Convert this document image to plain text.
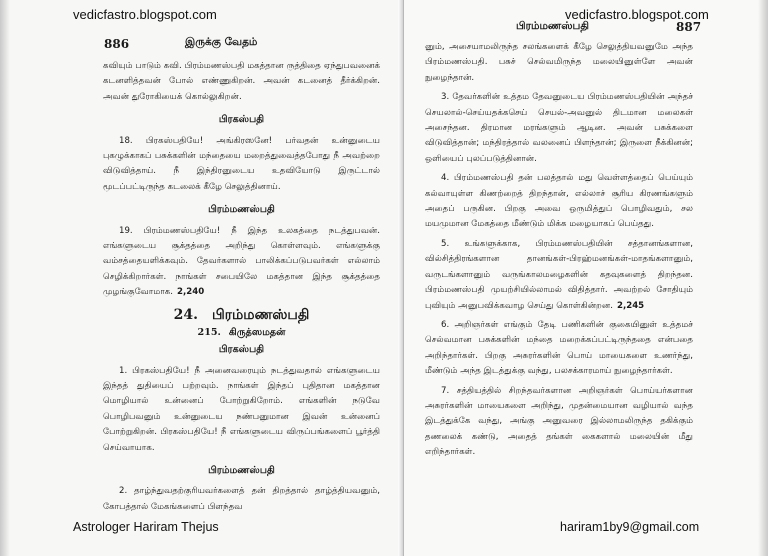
vedicfastro.blogspot.com
886	இருக்கு வேதம்

கவியும் பாடும் கவி. பிரம்மணஸ்பதி மகத்தான ருத்திதை ஏந்துபவனைக் கடனளித்தவன் போல் எண்ணுகிறன். அவன் கடனைத் தீர்க்கிறன். அவன் துரோகியைக் கொல்லுகிறன்.

பிரகஸ்பதி

18. பிரகஸ்பதியே! அங்கிரஸனே! பர்வதன் உன்னுடைய புகழுக்காகப் பசுக்களின் மந்தையை மறைத்துவைத்தபோது நீ அவற்றை விடுவித்தாய். நீ இந்திரனுடைய உதவியோடு இருட்டால் மூடப்பட்டிருந்த கடலைக் கீழே செலுத்தினாய்.

பிரம்மணஸ்பதி

19. பிரம்மணஸ்பதியே! நீ இந்த உலகத்தை நடத்துபவன். எங்களுடைய சூக்தத்தை அறிந்து கொள்ளவும். எங்களுக்கு வம்சத்தையளிக்கவும். தேவர்களால் பாலிக்கப்படுபவர்கள் எல்லாம் செழிக்கிறார்கள். நாங்கள் சபையிலே மகத்தான இந்த சூக்தத்தை முழங்குவோமாக. 2,240

24. பிரம்மணஸ்பதி

215. கிருத்ஸமதன்

பிரகஸ்பதி

1. பிரகஸ்பதியே! நீ அனைவரையும் நடத்துவதால் எங்களுடைய இந்தத் துதியைப் பற்றவும். நாங்கள் இந்தப் புதிதான மகத்தான மொழியால் உன்னைப் போற்றுகிறோம். எங்களின் நடுவே பொழிபவனும் உன்னுடைய நண்பனுமான இவன் உன்னைப் போற்றுகிறன். பிரகஸ்பதியே! நீ எங்களுடைய விருப்பங்களைப் பூர்த்தி செய்வாயாக.

பிரம்மணஸ்பதி

2. தாழ்ந்துவதற்குரியவர்களைத் தன் திறத்தால் தாழ்த்தியவனும், கோபத்தால் மேகங்களைப் பிளந்தவ

Astrologer Hariram Thejus
vedicfastro.blogspot.com
பிரம்மணஸ்பதி	887

னும், அசையாமலிருந்த சலங்களைக் கீழே செலுத்தியவனுமே அந்த பிரம்மணஸ்பதி. பசுச் செல்வமிருந்த மலையினுள்ளே அவன் நுழைந்தான்.

3. தேவர்களின் உத்தம தேவனுடைய பிரம்மணஸ்பதியின் அந்தச் செயலால்-செய்யதக்கசெய் செயல்-அவனுல் திடமான மலைகள் அசைந்தன. திரமான மரங்களும் ஆடின. அவன் பசுக்களை விடுவித்தான்; மந்திரத்தால் வலனைப் பிளந்தான்; இருளை நீக்கினன்; ஒளியைப் புலப்படுத்தினான்.

4. பிரம்மணஸ்பதி தன் பலத்தால் மது வெள்ளத்தைப் பெய்யும் கல்வாயுள்ள கிணற்றைத் திறந்தான், எல்லாச் சூரிய கிரணங்களும் அதைப் பருகின. பிறகு அவை ஒருமித்துப் பொழிவதும், சல மயமுமான மேகத்தை மீண்டும் மிக்க மழையாகப் பெய்தது.

5. உங்களுக்காக, பிரம்மணஸ்பதியின் சத்தானங்களான, வில்சித்திரங்களான தானங்கள்-பிரஹ்மனங்கள்-மாதங்களானும், வருடங்களானும் வருங்காலமழைகளின் கதவுகளைத் திறந்தன. பிரம்மணஸ்பதி முயற்சியில்லாமல் விதித்தார். அவற்றல் சோதியும் புவியும் அனுபவிக்கவாழ செய்து கொள்கின்றன. 2,245

6. அறிஞர்கள் எங்கும் தேடி பணிகளின் குகையினுள் உத்தமச் செல்வமான பசுக்களின் மந்தை மறைக்கப்பட்டிருந்ததை என்பதை அறிந்தார்கள். பிறகு அசுரர்களின் பொய் மாயைகளை உணர்ந்து, மீண்டும் அந்த இடத்துக்கு வந்து, பலசக்காரமாய் நுழைந்தார்கள்.

7. சத்தியத்தில் சிறந்தவர்களான அறிஞர்கள் பொய்யர்களான அசுரர்களின் மாயைகளை அறிந்து, முதன்மையான வழியால் வந்த இடத்துக்கே வந்து, அங்கு அனுவரை இல்லாமலிருந்த தகிக்கும் தணலைக் கண்டு, அதைத் தங்கள் கைகளால் மலையின் மீது எறிந்தார்கள்.

hariram1by9@gmail.com
